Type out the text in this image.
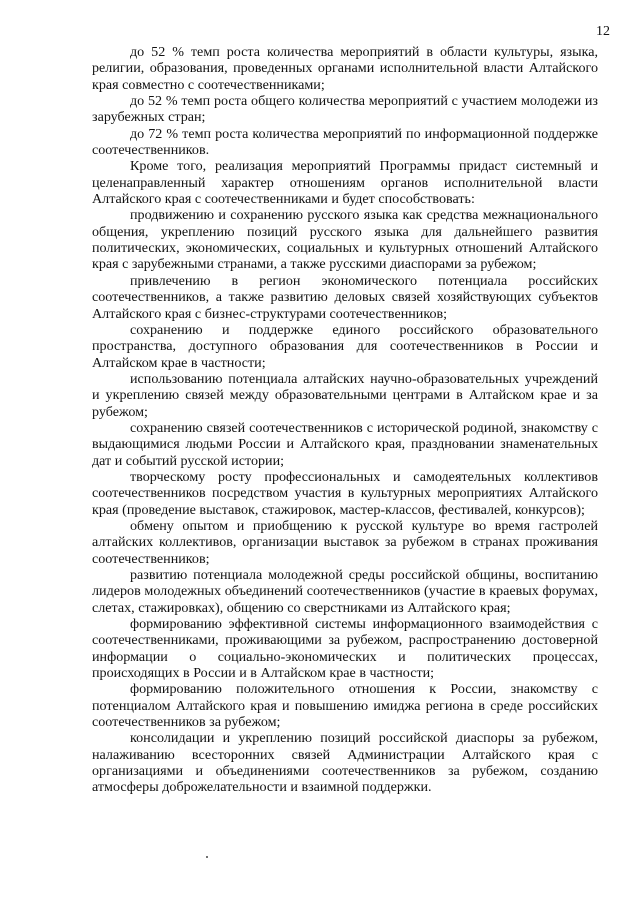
12

до 52 % темп роста количества мероприятий в области культуры, языка, религии, образования, проведенных органами исполнительной власти Алтайского края совместно с соотечественниками;

до 52 % темп роста общего количества мероприятий с участием молодежи из зарубежных стран;

до 72 % темп роста количества мероприятий по информационной поддержке соотечественников.

Кроме того, реализация мероприятий Программы придаст системный и целенаправленный характер отношениям органов исполнительной власти Алтайского края с соотечественниками и будет способствовать:

продвижению и сохранению русского языка как средства межнационального общения, укреплению позиций русского языка для дальнейшего развития политических, экономических, социальных и культурных отношений Алтайского края с зарубежными странами, а также русскими диаспорами за рубежом;

привлечению в регион экономического потенциала российских соотечественников, а также развитию деловых связей хозяйствующих субъектов Алтайского края с бизнес-структурами соотечественников;

сохранению и поддержке единого российского образовательного пространства, доступного образования для соотечественников в России и Алтайском крае в частности;

использованию потенциала алтайских научно-образовательных учреждений и укреплению связей между образовательными центрами в Алтайском крае и за рубежом;

сохранению связей соотечественников с исторической родиной, знакомству с выдающимися людьми России и Алтайского края, праздновании знаменательных дат и событий русской истории;

творческому росту профессиональных и самодеятельных коллективов соотечественников посредством участия в культурных мероприятиях Алтайского края (проведение выставок, стажировок, мастер-классов, фестивалей, конкурсов);

обмену опытом и приобщению к русской культуре во время гастролей алтайских коллективов, организации выставок за рубежом в странах проживания соотечественников;

развитию потенциала молодежной среды российской общины, воспитанию лидеров молодежных объединений соотечественников (участие в краевых форумах, слетах, стажировках), общению со сверстниками из Алтайского края;

формированию эффективной системы информационного взаимодействия с соотечественниками, проживающими за рубежом, распространению достоверной информации о социально-экономических и политических процессах, происходящих в России и в Алтайском крае в частности;

формированию положительного отношения к России, знакомству с потенциалом Алтайского края и повышению имиджа региона в среде российских соотечественников за рубежом;

консолидации и укреплению позиций российской диаспоры за рубежом, налаживанию всесторонних связей Администрации Алтайского края с организациями и объединениями соотечественников за рубежом, созданию атмосферы доброжелательности и взаимной поддержки.
